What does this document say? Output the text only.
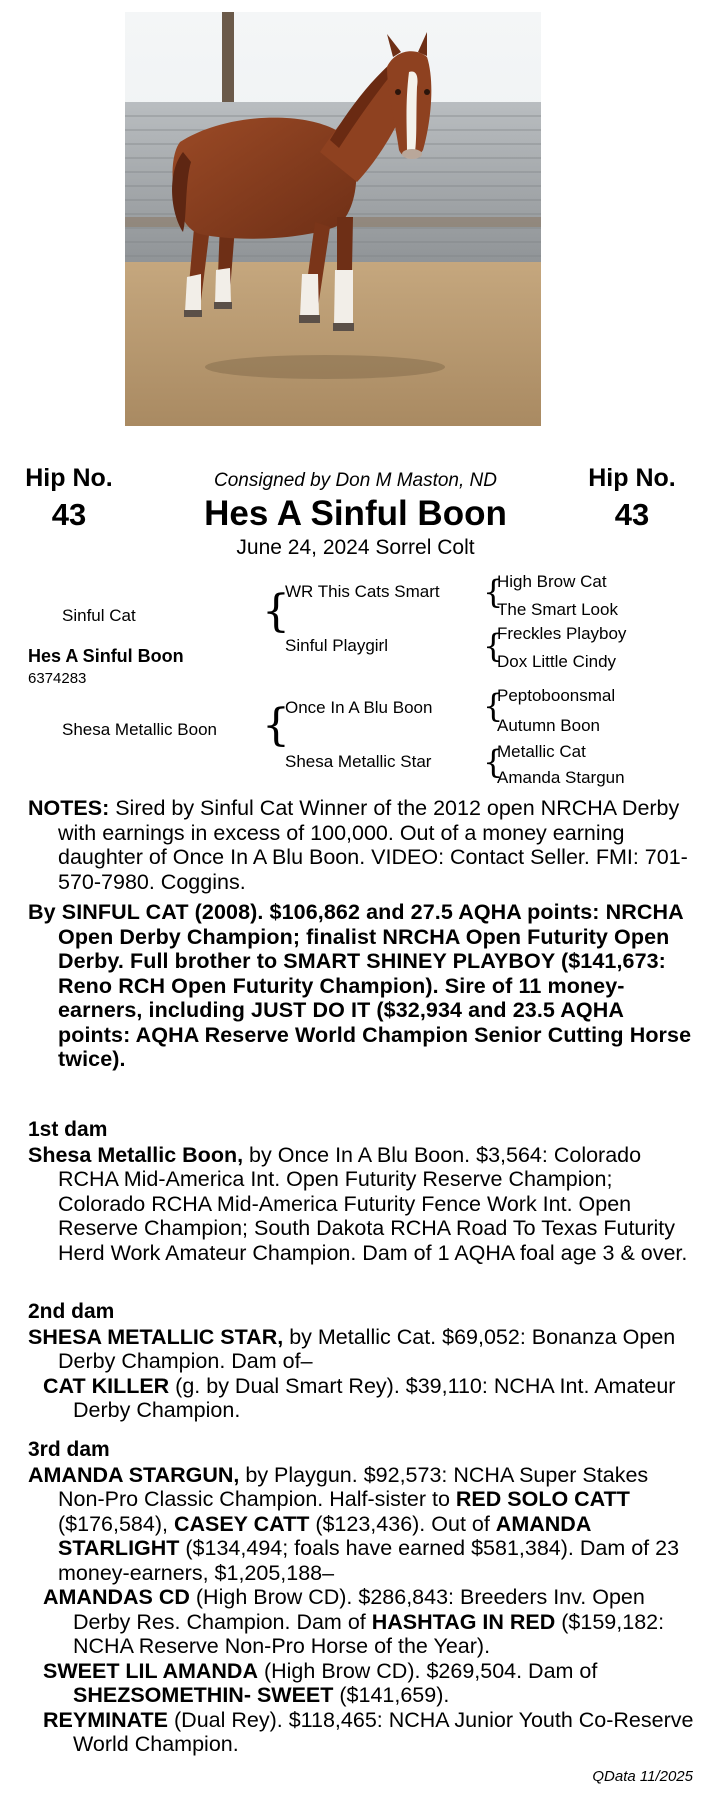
Hip No.
43
Hip No.
43
Consigned by Don M Maston, ND
Hes A Sinful Boon
June 24, 2024 Sorrel Colt
Sinful Cat
Hes A Sinful Boon
6374283
Shesa Metallic Boon
{
WR This Cats Smart
Sinful Playgirl
{
Once In A Blu Boon
Shesa Metallic Star
{
High Brow Cat
The Smart Look
{
Freckles Playboy
Dox Little Cindy
{
Peptoboonsmal
Autumn Boon
{
Metallic Cat
Amanda Stargun

NOTES: Sired by Sinful Cat Winner of the 2012 open NRCHA Derby with earnings in excess of 100,000. Out of a money earning daughter of Once In A Blu Boon. VIDEO: Contact Seller. FMI: 701-570-7980. Coggins.

By SINFUL CAT (2008). $106,862 and 27.5 AQHA points: NRCHA Open Derby Champion; finalist NRCHA Open Futurity Open Derby. Full brother to SMART SHINEY PLAYBOY ($141,673: Reno RCH Open Futurity Champion). Sire of 11 money-earners, including JUST DO IT ($32,934 and 23.5 AQHA points: AQHA Reserve World Champion Senior Cutting Horse twice).

1st dam

Shesa Metallic Boon, by Once In A Blu Boon. $3,564: Colorado RCHA Mid-America Int. Open Futurity Reserve Champion; Colorado RCHA Mid-America Futurity Fence Work Int. Open Reserve Champion; South Dakota RCHA Road To Texas Futurity Herd Work Amateur Champion. Dam of 1 AQHA foal age 3 & over.

2nd dam

SHESA METALLIC STAR, by Metallic Cat. $69,052: Bonanza Open Derby Champion. Dam of–

CAT KILLER (g. by Dual Smart Rey). $39,110: NCHA Int. Amateur Derby Champion.

3rd dam

AMANDA STARGUN, by Playgun. $92,573: NCHA Super Stakes Non-Pro Classic Champion. Half-sister to RED SOLO CATT ($176,584), CASEY CATT ($123,436). Out of AMANDA STARLIGHT ($134,494; foals have earned $581,384). Dam of 23 money-earners, $1,205,188–

AMANDAS CD (High Brow CD). $286,843: Breeders Inv. Open Derby Res. Champion. Dam of HASHTAG IN RED ($159,182: NCHA Reserve Non-Pro Horse of the Year).

SWEET LIL AMANDA (High Brow CD). $269,504. Dam of SHEZSOMETHIN- SWEET ($141,659).

REYMINATE (Dual Rey). $118,465: NCHA Junior Youth Co-Reserve World Champion.

QData 11/2025
